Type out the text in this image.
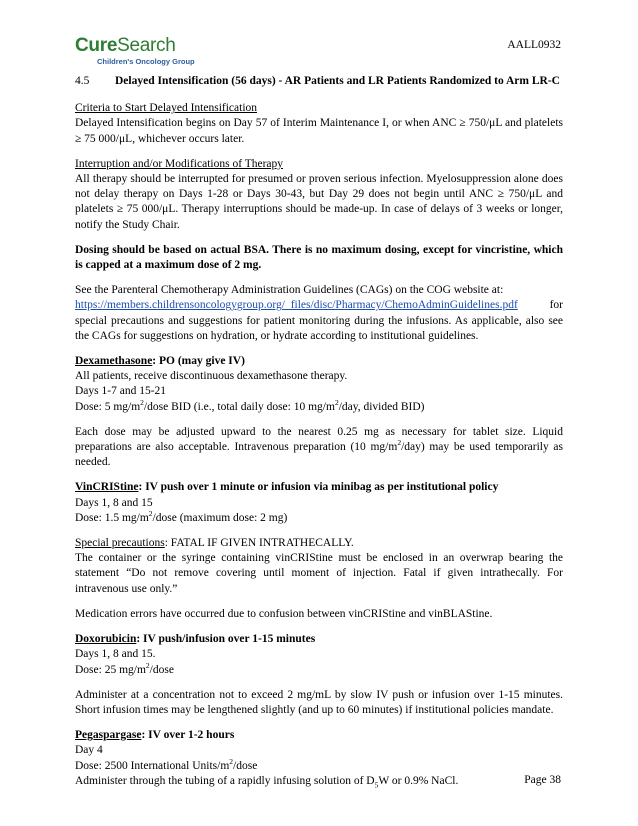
CureSearch
Children's Oncology Group
AALL0932
4.5	Delayed Intensification (56 days) - AR Patients and LR Patients Randomized to Arm LR-C

Criteria to Start Delayed Intensification

Delayed Intensification begins on Day 57 of Interim Maintenance I, or when ANC ≥ 750/μL and platelets ≥ 75 000/μL, whichever occurs later.

Interruption and/or Modifications of Therapy

All therapy should be interrupted for presumed or proven serious infection. Myelosuppression alone does not delay therapy on Days 1-28 or Days 30-43, but Day 29 does not begin until ANC ≥ 750/μL and platelets ≥ 75 000/μL. Therapy interruptions should be made-up. In case of delays of 3 weeks or longer, notify the Study Chair.

Dosing should be based on actual BSA. There is no maximum dosing, except for vincristine, which is capped at a maximum dose of 2 mg.

See the Parenteral Chemotherapy Administration Guidelines (CAGs) on the COG website at:

https://members.childrensoncologygroup.org/_files/disc/Pharmacy/ChemoAdminGuidelines.pdf	for

special precautions and suggestions for patient monitoring during the infusions. As applicable, also see the CAGs for suggestions on hydration, or hydrate according to institutional guidelines.

Dexamethasone: PO (may give IV)

All patients, receive discontinuous dexamethasone therapy.

Days 1-7 and 15-21

Dose: 5 $mg/m^2$/dose BID (i.e., total daily dose: 10 $mg/m^2$/day, divided BID)

Each dose may be adjusted upward to the nearest 0.25 mg as necessary for tablet size. Liquid preparations are also acceptable. Intravenous preparation (10 $mg/m^2/day$) may be used temporarily as needed.

VinCRIStine: IV push over 1 minute or infusion via minibag as per institutional policy

Days 1, 8 and 15

Dose: 1.5 $mg/m^2$/dose (maximum dose: 2 mg)

Special precautions: FATAL IF GIVEN INTRATHECALLY.

The container or the syringe containing vinCRIStine must be enclosed in an overwrap bearing the statement “Do not remove covering until moment of injection. Fatal if given intrathecally. For intravenous use only.”

Medication errors have occurred due to confusion between vinCRIStine and vinBLAStine.

Doxorubicin: IV push/infusion over 1-15 minutes

Days 1, 8 and 15.

Dose: 25 $mg/m^2$/dose

Administer at a concentration not to exceed 2 mg/mL by slow IV push or infusion over 1-15 minutes. Short infusion times may be lengthened slightly (and up to 60 minutes) if institutional policies mandate.

Pegaspargase: IV over 1-2 hours

Day 4

Dose: 2500 International Units/$m^2$/dose

Administer through the tubing of a rapidly infusing solution of $D_5W$ or 0.9% NaCl.	Page 38
